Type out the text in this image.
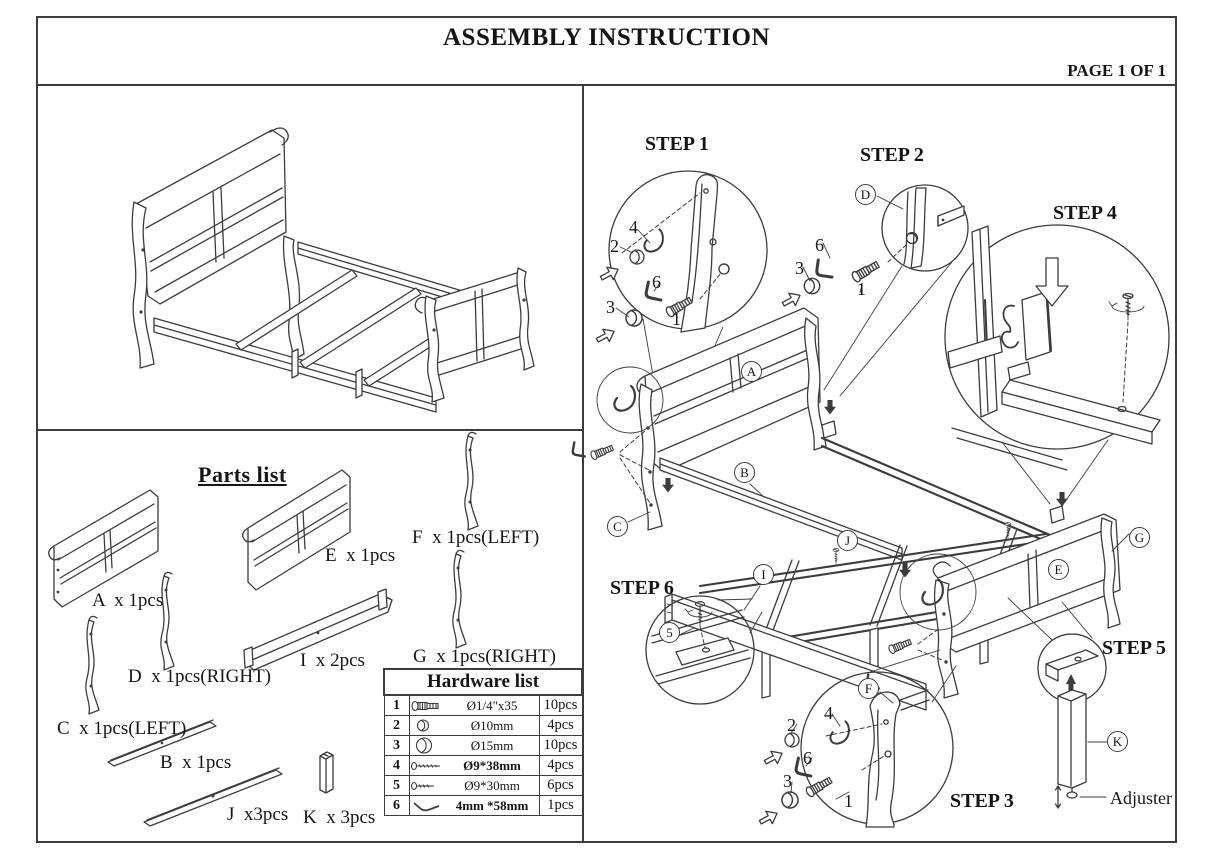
ASSEMBLY INSTRUCTION
PAGE 1 OF 1
Parts list
A  x 1pcs
E  x 1pcs
F  x 1pcs(LEFT)
D  x 1pcs(RIGHT)
I  x 2pcs	G  x 1pcs(RIGHT)
C  x 1pcs(LEFT)
B  x 1pcs
J  x3pcs K  x 3pcs
Hardware list		
1	Ø1/4"x35	10pcs
2	Ø10mm	4pcs
3	Ø15mm	10pcs
4	Ø9*38mm	4pcs
5	Ø9*30mm	6pcs
6	4mm *58mm	1pcs
STEP 1	STEP 2
STEP 4
STEP 6
STEP 5
STEP 3	Adjuster
A
B
C
D
E
F
G
I
J
K
5
2
4
6
3
1
6
3
1
2
4
6
3
1
